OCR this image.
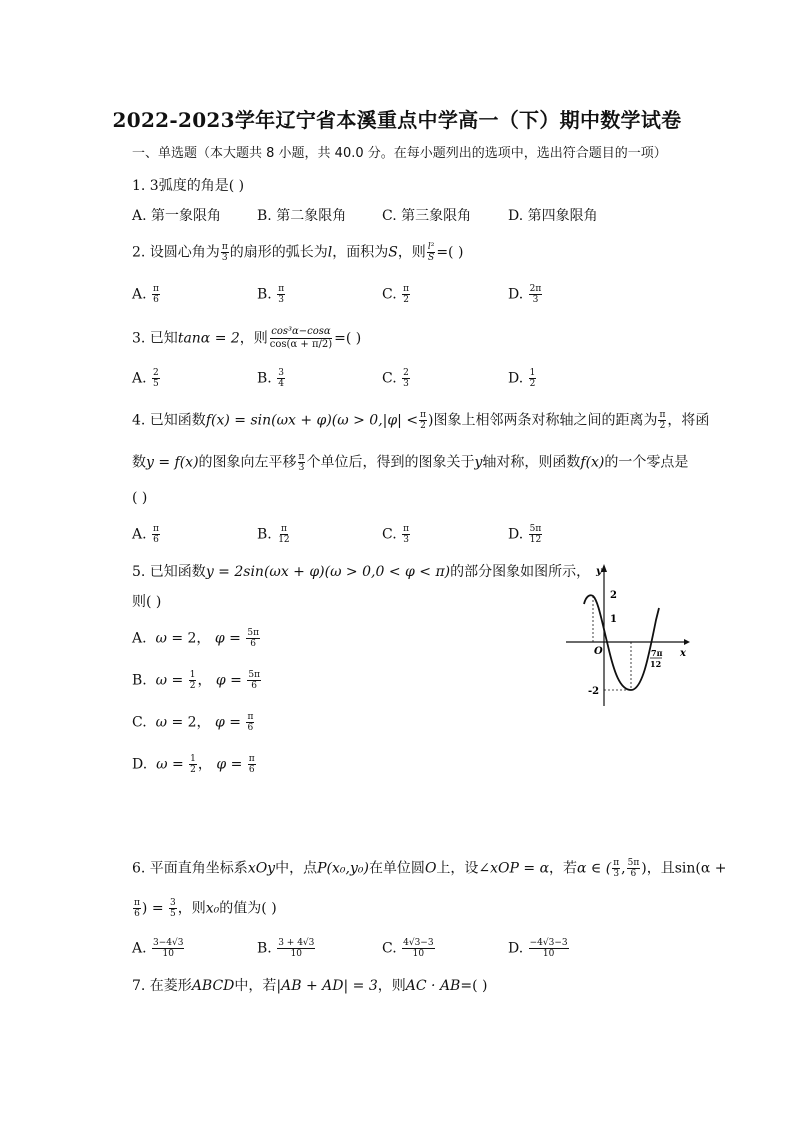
2022-2023学年辽宁省本溪重点中学高一（下）期中数学试卷
一、单选题（本大题共 8 小题，共 40.0 分。在每小题列出的选项中，选出符合题目的一项）
1. 3弧度的角是( )
A. 第一象限角	B. 第二象限角	C. 第三象限角	D. 第四象限角
2. 设圆心角为 $\frac{\pi}{3}$ 的扇形的弧长为l，面积为S，则 $\frac{\text{l²}}{S}$ =( )
A. $\frac{\pi}{6}$	B. $\frac{\pi}{3}$	C. $\frac{\pi}{2}$	D. $\frac{2\pi}{3}$
3. 已知tanα = 2，则 $\frac{\text{cos³α−cosα}}{\cos(\alpha + \pi/2)}$ =( )
A. $\frac{2}{5}$	B. $\frac{3}{4}$	C. $\frac{2}{3}$	D. $\frac{1}{2}$
4. 已知函数$f(x) = \sin(\omega x + \varphi)(\omega > 0,|\varphi| < \frac{\pi}{2}$ )图象上相邻两条对称轴之间的距离为 $\frac{\pi}{2}$ ，将函
数y = f(x)的图象向左平移 $\frac{\pi}{3}$ 个单位后，得到的图象关于y轴对称，则函数f(x)的一个零点是
( )
A. $\frac{\pi}{6}$	B. $\frac{\pi}{12}$	C. $\frac{\pi}{3}$	D. $\frac{5\pi}{12}$
5. 已知函数y = 2sin(ωx + φ)(ω > 0,0 < φ < π)的部分图象如图所示，
则( )
A.  ω = 2， $\varphi = \frac{5\pi}{6}$
B.  $\omega = \frac{1}{2}$ ， $\varphi = \frac{5\pi}{6}$
C.  ω = 2， $\varphi = \frac{\pi}{6}$
D.  $\omega = \frac{1}{2}$ ， $\varphi = \frac{\pi}{6}$
y
x
O
2
1
-2
7π
12
6. 平面直角坐标系xOy中，点P(x₀,y₀)在单位圆O上，设∠xOP = α，若α ∈ ( $\frac{\pi}{3}$ , $\frac{5\pi}{6}$ )，且sin(α +
$\frac{\pi}{6}$ ) = $\frac{3}{5}$ ，则x₀的值为( )
A. $\frac{3-4√3}{10}$	B. $\frac{3 + 4√3}{10}$	C. $\frac{4√3-3}{10}$	D. $\frac{-4√3-3}{10}$
7. 在菱形ABCD中，若|AB + AD| = 3，则AC · AB=( )
